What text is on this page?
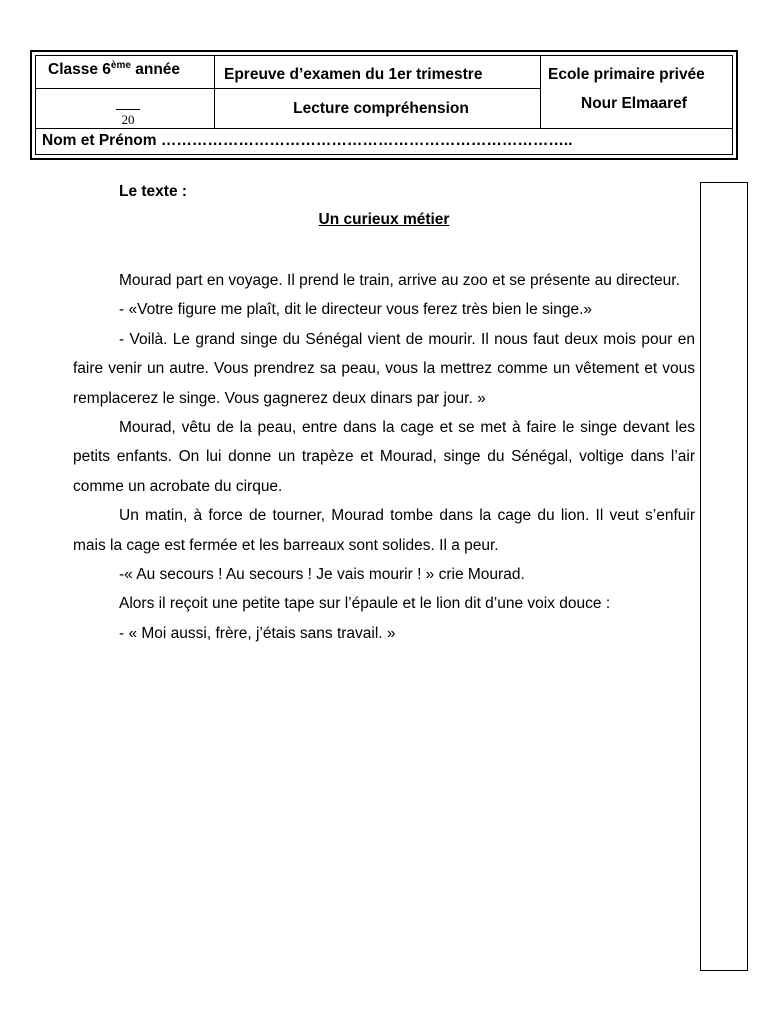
Classe 6ème année	Epreuve d’examen du 1er trimestre	Ecole primaire privée
Nour Elmaaref
Lecture compréhension
20
Nom et Prénom ……………………………………………………………………..
Le texte :
Un curieux métier

Mourad part en voyage. Il prend le train, arrive au zoo et se présente au directeur.

- «Votre figure me plaît, dit le directeur vous ferez très bien le singe.»

- Voilà. Le grand singe du Sénégal vient de mourir. Il nous faut deux mois pour en faire venir un autre. Vous prendrez sa peau, vous la mettrez comme un vêtement et vous remplacerez le singe. Vous gagnerez deux dinars par jour. »

Mourad, vêtu de la peau, entre dans la cage et se met à faire le singe devant les petits enfants. On lui donne un trapèze et Mourad, singe du Sénégal, voltige dans l’air comme un acrobate du cirque.

Un matin, à force de tourner, Mourad tombe dans la cage du lion. Il veut s’enfuir mais la cage est fermée et les barreaux sont solides. Il a peur.

-« Au secours ! Au secours ! Je vais mourir ! » crie Mourad.

Alors il reçoit une petite tape sur l’épaule et le lion dit d’une voix douce :

- « Moi aussi, frère, j’étais sans travail. »
